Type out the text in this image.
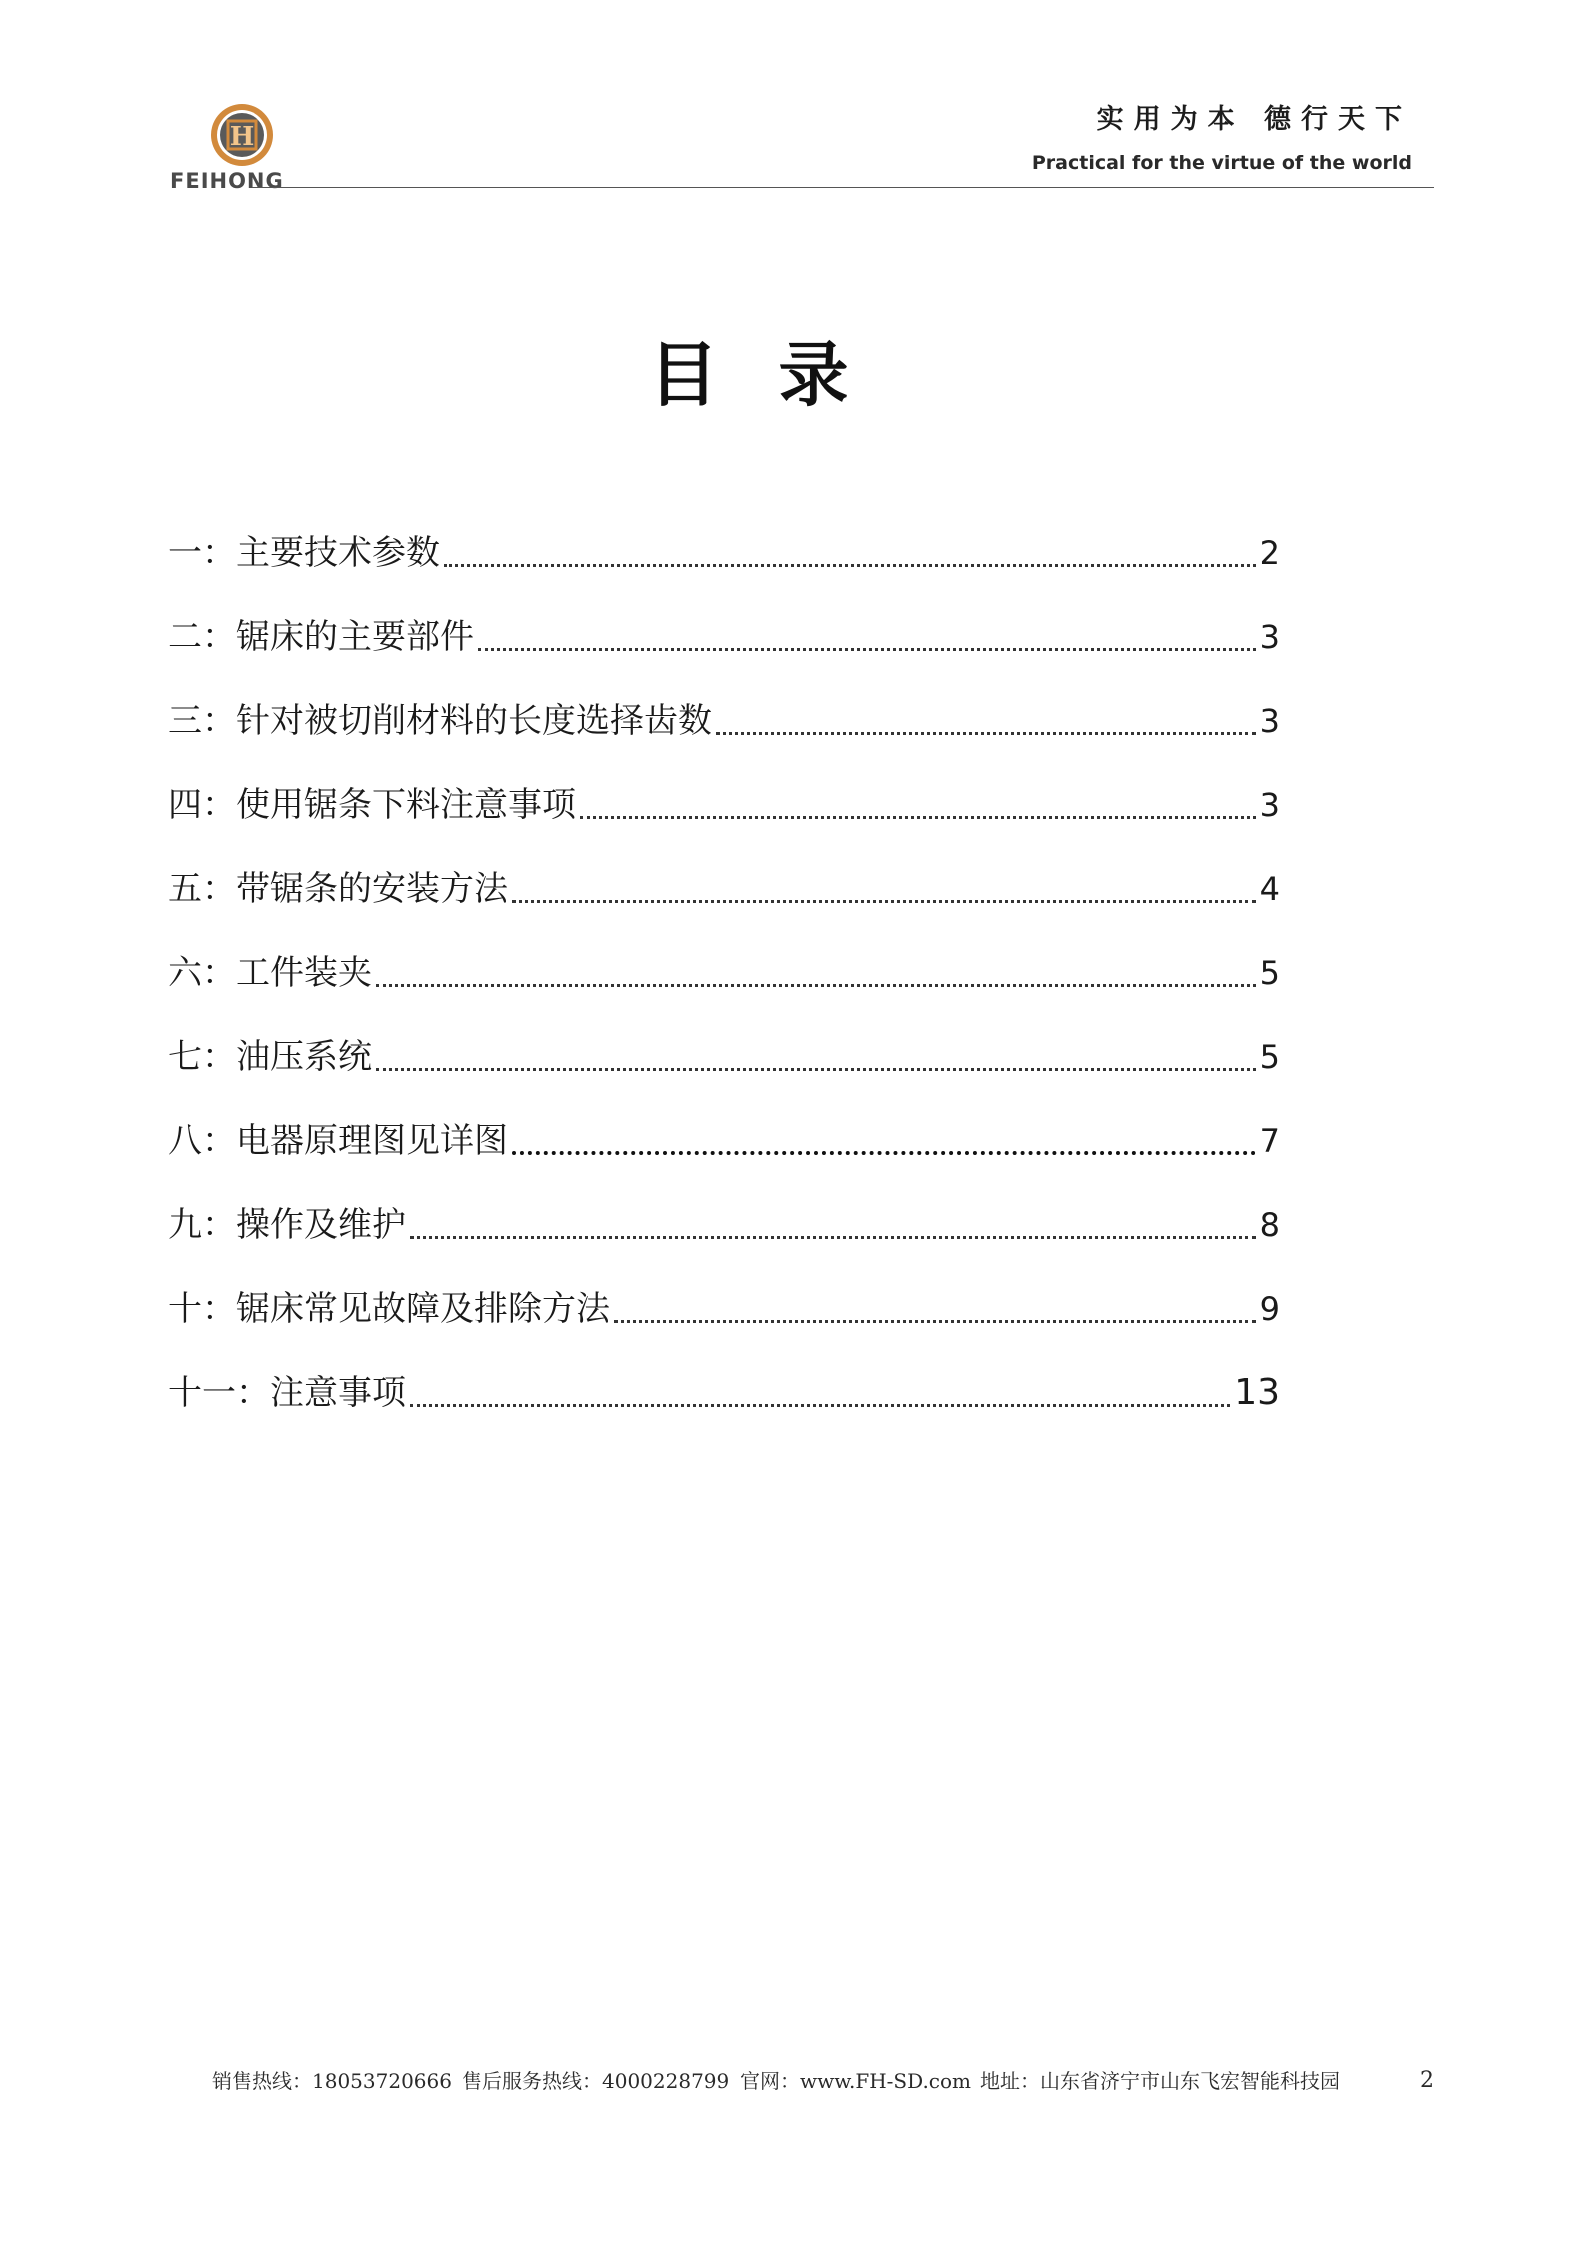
H
FEIHONG
实用为本 德行天下
Practical for the virtue of the world
目录
一：主要技术参数	2
二：锯床的主要部件	3
三：针对被切削材料的长度选择齿数	3
四：使用锯条下料注意事项	3
五：带锯条的安装方法	4
六：工件装夹	5
七：油压系统	5
八：电器原理图见详图	7
九：操作及维护	8
十：锯床常见故障及排除方法	9
十一：注意事项	13
销售热线：18053720666 售后服务热线：4000228799 官网：www.FH-SD.com 地址：山东省济宁市山东飞宏智能科技园	2
